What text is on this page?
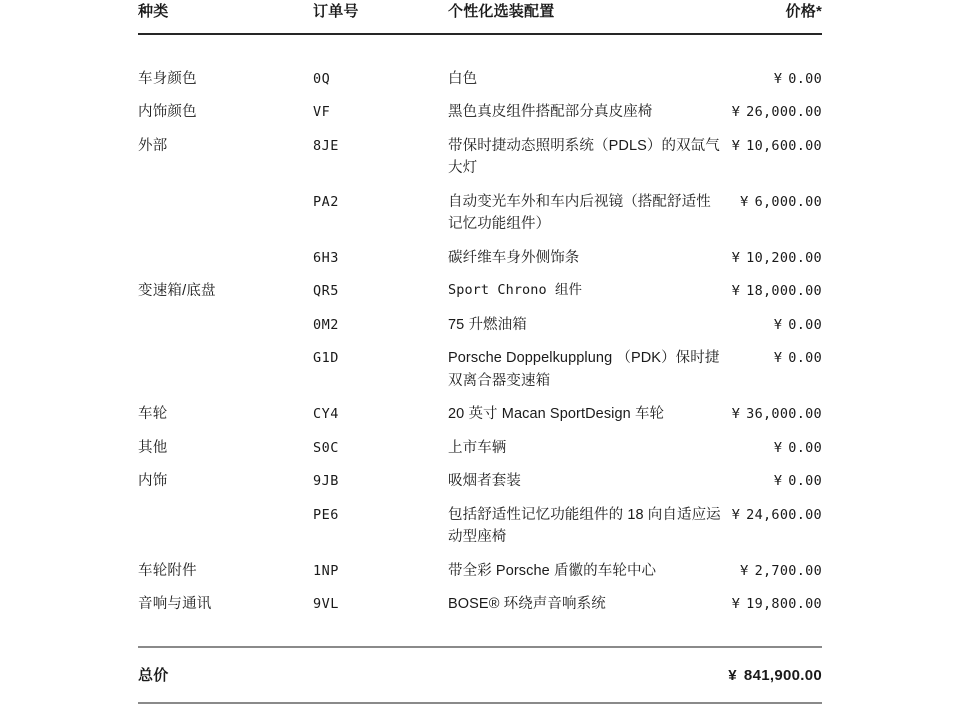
种类	订单号	个性化选装配置	价格*

车身颜色	0Q	白色	¥ 0.00
内饰颜色	VF	黑色真皮组件搭配部分真皮座椅	¥ 26,000.00
外部	8JE	带保时捷动态照明系统（PDLS）的双氙气大灯	¥ 10,600.00
	PA2	自动变光车外和车内后视镜（搭配舒适性记忆功能组件）	¥ 6,000.00
	6H3	碳纤维车身外侧饰条	¥ 10,200.00
变速箱/底盘	QR5	Sport Chrono 组件	¥ 18,000.00
	0M2	75 升燃油箱	¥ 0.00
	G1D	Porsche Doppelkupplung （PDK）保时捷双离合器变速箱	¥ 0.00
车轮	CY4	20 英寸 Macan SportDesign 车轮	¥ 36,000.00
其他	S0C	上市车辆	¥ 0.00
内饰	9JB	吸烟者套装	¥ 0.00
	PE6	包括舒适性记忆功能组件的 18 向自适应运动型座椅	¥ 24,600.00
车轮附件	1NP	带全彩 Porsche 盾徽的车轮中心	¥ 2,700.00
音响与通讯	9VL	BOSE® 环绕声音响系统	¥ 19,800.00
总价	¥ 841,900.00
